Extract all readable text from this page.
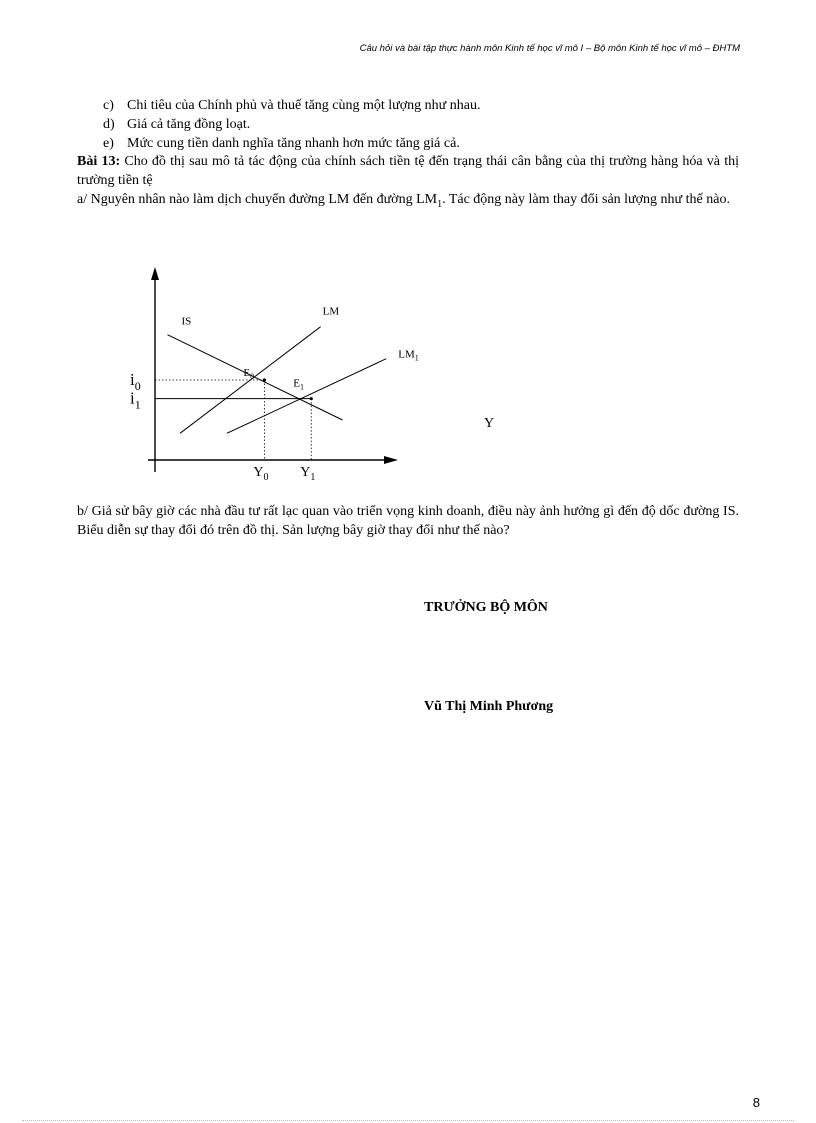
Câu hỏi và bài tập thực hành môn Kinh tế học vĩ mô I – Bộ môn Kinh tế học vĩ mô – ĐHTM
c) Chi tiêu của Chính phủ và thuế tăng cùng một lượng như nhau.
d) Giá cả tăng đồng loạt.
e) Mức cung tiền danh nghĩa tăng nhanh hơn mức tăng giá cả.
Bài 13: Cho đồ thị sau mô tả tác động của chính sách tiền tệ đến trạng thái cân bằng của thị trường hàng hóa và thị trường tiền tệ
a/ Nguyên nhân nào làm dịch chuyển đường LM đến đường $LM_1$. Tác động này làm thay đổi sản lượng như thế nào.
IS
LM
$LM_1$
$E_0$
$E_1$
$i_0$
$i_1$
$Y_0$ $Y_1$
Y
b/ Giả sử bây giờ các nhà đầu tư rất lạc quan vào triển vọng kinh doanh, điều này ảnh hưởng gì đến độ dốc đường IS. Biểu diễn sự thay đổi đó trên đồ thị. Sản lượng bây giờ thay đổi như thế nào?
TRƯỞNG BỘ MÔN
Vũ Thị Minh Phương
8
